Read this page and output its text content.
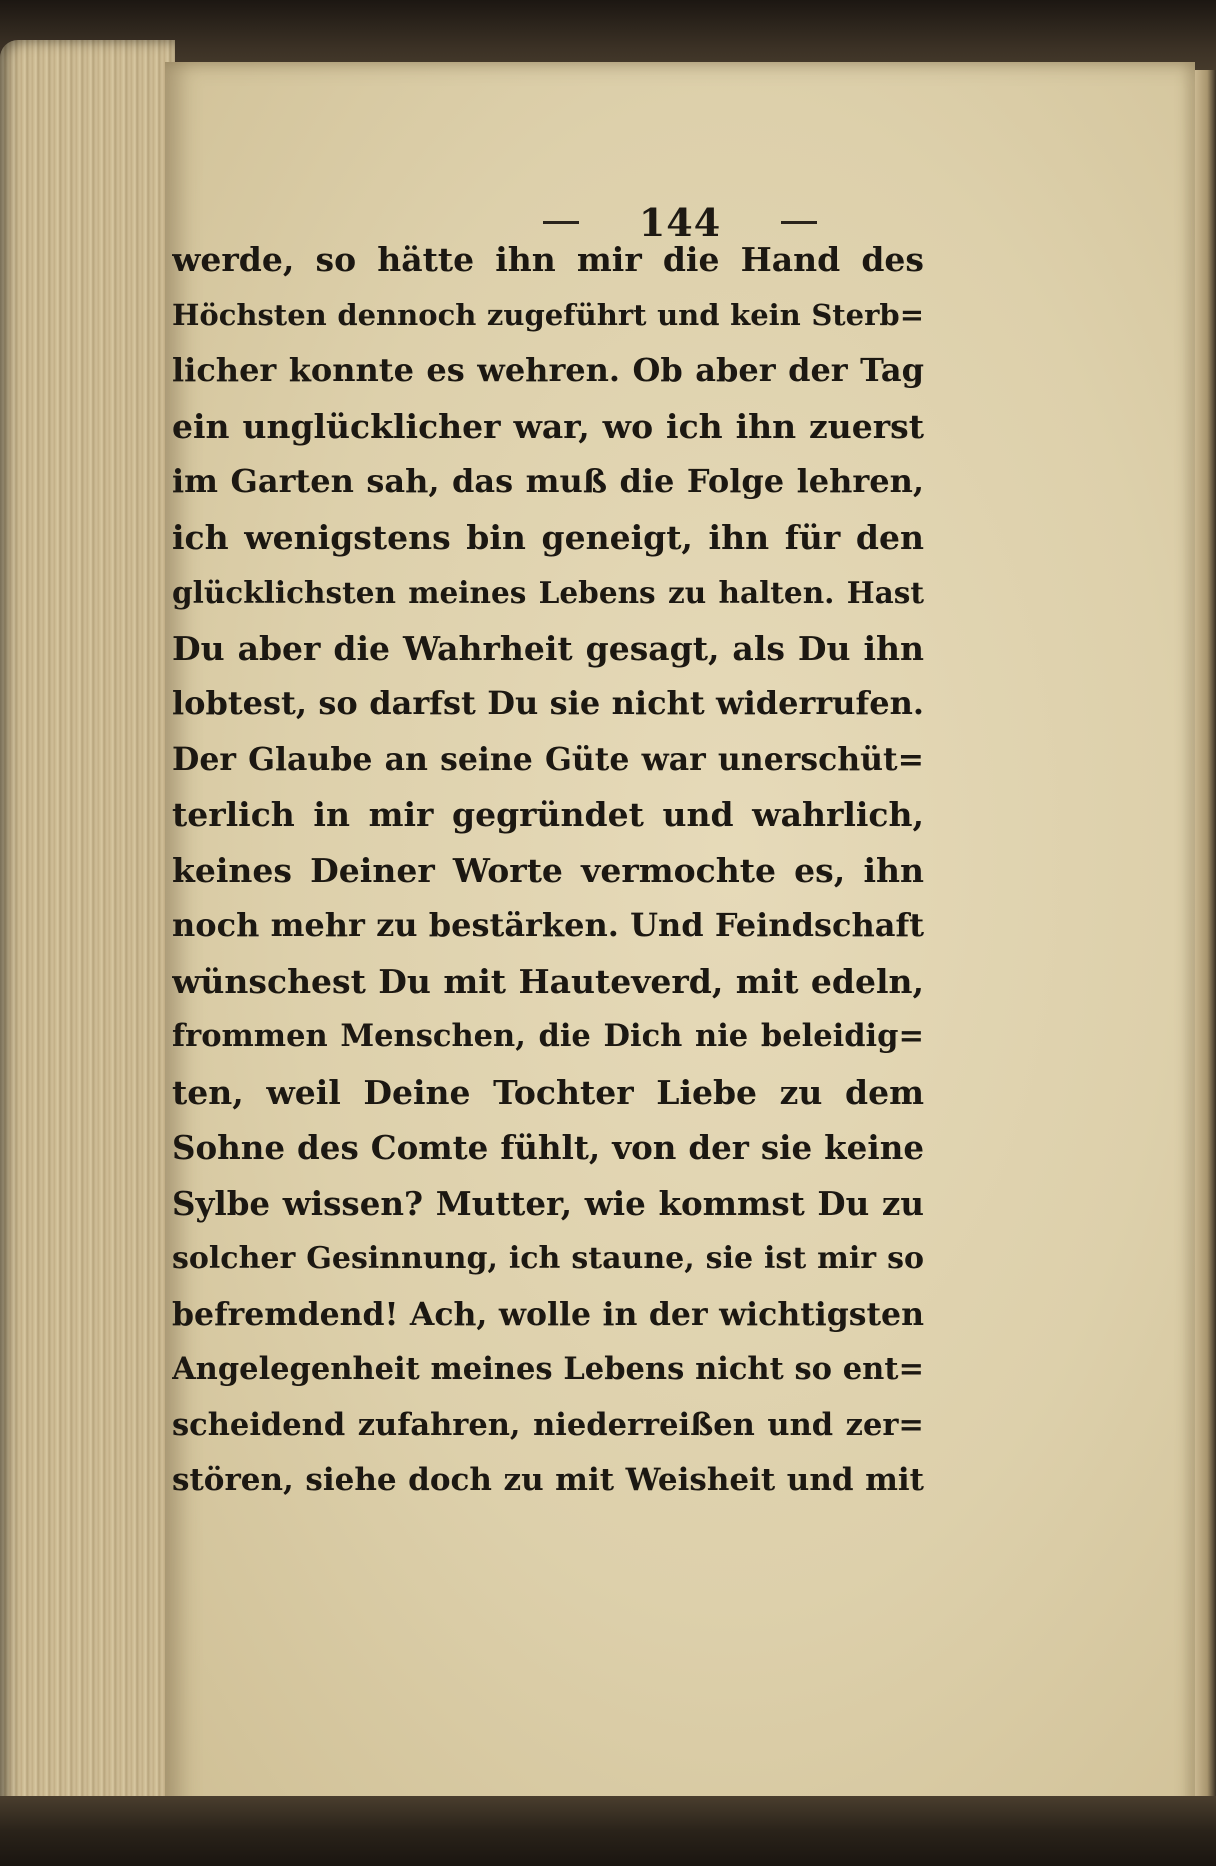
144
werde, so hätte ihn mir die Hand des
Höchsten dennoch zugeführt und kein Sterb=
licher konnte es wehren. Ob aber der Tag
ein unglücklicher war, wo ich ihn zuerst
im Garten sah, das muß die Folge lehren,
ich wenigstens bin geneigt, ihn für den
glücklichsten meines Lebens zu halten. Hast
Du aber die Wahrheit gesagt, als Du ihn
lobtest, so darfst Du sie nicht widerrufen.
Der Glaube an seine Güte war unerschüt=
terlich in mir gegründet und wahrlich,
keines Deiner Worte vermochte es, ihn
noch mehr zu bestärken. Und Feindschaft
wünschest Du mit Hauteverd, mit edeln,
frommen Menschen, die Dich nie beleidig=
ten, weil Deine Tochter Liebe zu dem
Sohne des Comte fühlt, von der sie keine
Sylbe wissen? Mutter, wie kommst Du zu
solcher Gesinnung, ich staune, sie ist mir so
befremdend! Ach, wolle in der wichtigsten
Angelegenheit meines Lebens nicht so ent=
scheidend zufahren, niederreißen und zer=
stören, siehe doch zu mit Weisheit und mit
